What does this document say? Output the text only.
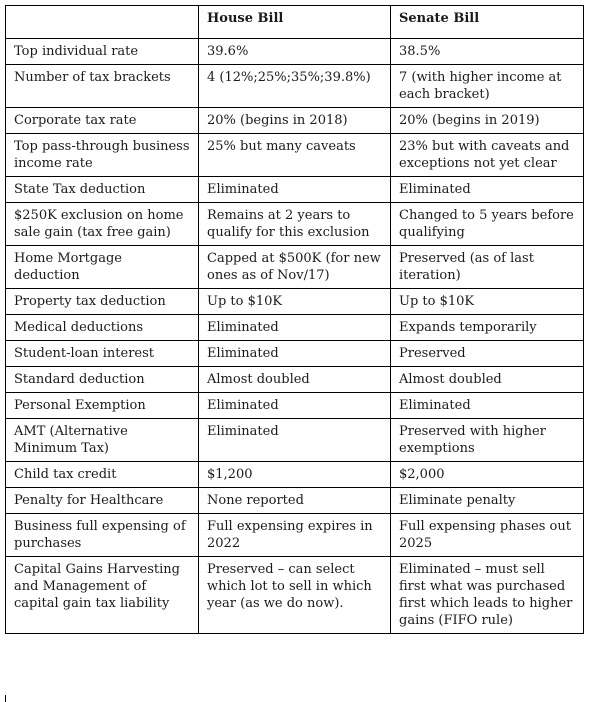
	House Bill	Senate Bill
Top individual rate	39.6%	38.5%
Number of tax brackets	4 (12%;25%;35%;39.8%)	7 (with higher income at each bracket)
Corporate tax rate	20% (begins in 2018)	20% (begins in 2019)
Top pass-through business income rate	25% but many caveats	23% but with caveats and exceptions not yet clear
State Tax deduction	Eliminated	Eliminated
$250K exclusion on home sale gain (tax free gain)	Remains at 2 years to qualify for this exclusion	Changed to 5 years before qualifying
Home Mortgage deduction	Capped at $500K (for new ones as of Nov/17)	Preserved (as of last iteration)
Property tax deduction	Up to $10K	Up to $10K
Medical deductions	Eliminated	Expands temporarily
Student-loan interest	Eliminated	Preserved
Standard deduction	Almost doubled	Almost doubled
Personal Exemption	Eliminated	Eliminated
AMT (Alternative Minimum Tax)	Eliminated	Preserved with higher exemptions
Child tax credit	$1,200	$2,000
Penalty for Healthcare	None reported	Eliminate penalty
Business full expensing of purchases	Full expensing expires in 2022	Full expensing phases out 2025
Capital Gains Harvesting and Management of capital gain tax liability	Preserved – can select which lot to sell in which year (as we do now).	Eliminated – must sell first what was purchased first which leads to higher gains (FIFO rule)
